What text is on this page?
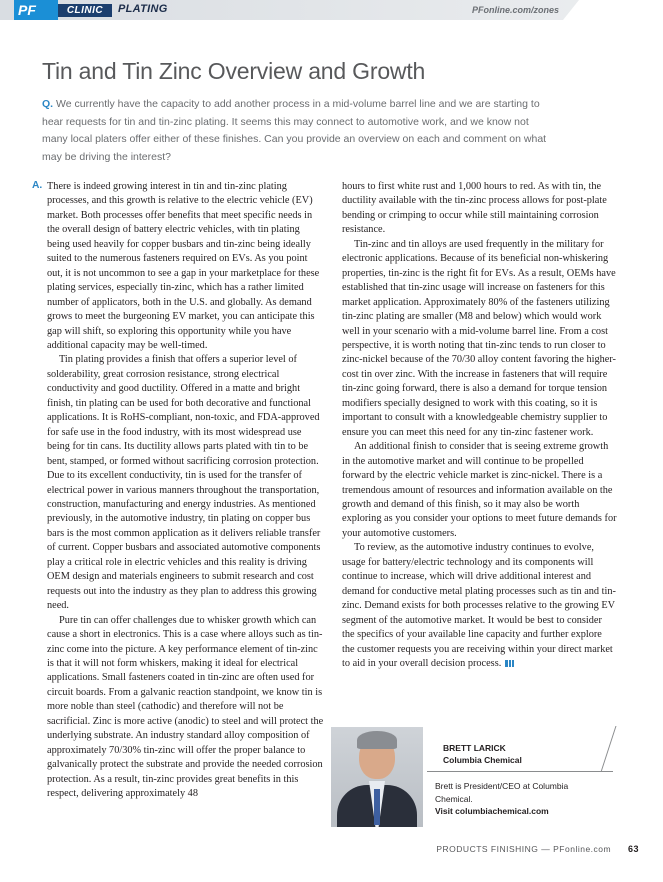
PF	CLINIC	PLATING	PFonline.com/zones
Tin and Tin Zinc Overview and Growth
Q. We currently have the capacity to add another process in a mid-volume barrel line and we are starting to hear requests for tin and tin-zinc plating. It seems this may connect to automotive work, and we know not many local platers offer either of these finishes. Can you provide an overview on each and comment on what may be driving the interest?
A. There is indeed growing interest in tin and tin-zinc plating processes, and this growth is relative to the electric vehicle (EV) market. Both processes offer benefits that meet specific needs in the overall design of battery electric vehicles, with tin plating being used heavily for copper busbars and tin-zinc being ideally suited to the numerous fasteners required on EVs. As you point out, it is not uncommon to see a gap in your marketplace for these plating services, especially tin-zinc, which has a rather limited number of applicators, both in the U.S. and globally. As demand grows to meet the burgeoning EV market, you can anticipate this gap will shift, so exploring this opportunity while you have additional capacity may be well-timed.

Tin plating provides a finish that offers a superior level of solderability, great corrosion resistance, strong electrical conductivity and good ductility. Offered in a matte and bright finish, tin plating can be used for both decorative and functional applications. It is RoHS-compliant, non-toxic, and FDA-approved for safe use in the food industry, with its most widespread use being for tin cans. Its ductility allows parts plated with tin to be bent, stamped, or formed without sacrificing corrosion protection. Due to its excellent conductivity, tin is used for the transfer of electrical power in various manners throughout the transportation, construction, manufacturing and energy industries. As mentioned previously, in the automotive industry, tin plating on copper bus bars is the most common application as it delivers reliable transfer of current. Copper busbars and associated automotive components play a critical role in electric vehicles and this reality is driving OEM design and materials engineers to submit research and cost requests out into the industry as they plan to address this growing need.

Pure tin can offer challenges due to whisker growth which can cause a short in electronics. This is a case where alloys such as tin-zinc come into the picture. A key performance element of tin-zinc is that it will not form whiskers, making it ideal for electrical applications. Small fasteners coated in tin-zinc are often used for circuit boards. From a galvanic reaction standpoint, we know tin is more noble than steel (cathodic) and therefore will not be sacrificial. Zinc is more active (anodic) to steel and will protect the underlying substrate. An industry standard alloy composition of approximately 70/30% tin-zinc will offer the proper balance to galvanically protect the substrate and provide the needed corrosion protection. As a result, tin-zinc provides great benefits in this respect, delivering approximately 48

hours to first white rust and 1,000 hours to red. As with tin, the ductility available with the tin-zinc process allows for post-plate bending or crimping to occur while still maintaining corrosion resistance.

Tin-zinc and tin alloys are used frequently in the military for electronic applications. Because of its beneficial non-whiskering properties, tin-zinc is the right fit for EVs. As a result, OEMs have established that tin-zinc usage will increase on fasteners for this market application. Approximately 80% of the fasteners utilizing tin-zinc plating are smaller (M8 and below) which would work well in your scenario with a mid-volume barrel line. From a cost perspective, it is worth noting that tin-zinc tends to run closer to zinc-nickel because of the 70/30 alloy content favoring the higher-cost tin over zinc. With the increase in fasteners that will require tin-zinc going forward, there is also a demand for torque tension modifiers specially designed to work with this coating, so it is important to consult with a knowledgeable chemistry supplier to ensure you can meet this need for any tin-zinc fastener work.

An additional finish to consider that is seeing extreme growth in the automotive market and will continue to be propelled forward by the electric vehicle market is zinc-nickel. There is a tremendous amount of resources and information available on the growth and demand of this finish, so it may also be worth exploring as you consider your options to meet future demands for your automotive customers.

To review, as the automotive industry continues to evolve, usage for battery/electric technology and its components will continue to increase, which will drive additional interest and demand for conductive metal plating processes such as tin and tin-zinc. Demand exists for both processes relative to the growing EV segment of the automotive market. It would be best to consider the specifics of your available line capacity and further explore the customer requests you are receiving within your direct market to aid in your overall decision process.

BRETT LARICK
Columbia Chemical
Brett is President/CEO at Columbia Chemical.
Visit columbiachemical.com
PRODUCTS FINISHING — PFonline.com 63
